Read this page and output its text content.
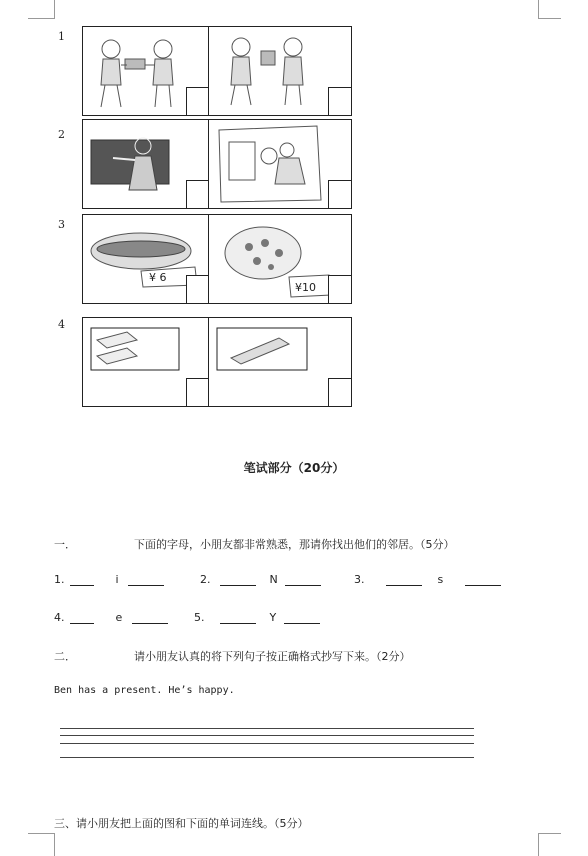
1
2
3
¥ 6
¥10
4
笔试部分（20分）
一．	下面的字母，小朋友都非常熟悉，那请你找出他们的邻居。（5分）
1.	i	2.	N	3.	s
4.	e	5.	Y
二．	请小朋友认真的将下列句子按正确格式抄写下来。（2分）
Ben has a present. He’s happy.
三、请小朋友把上面的图和下面的单词连线。（5分）
